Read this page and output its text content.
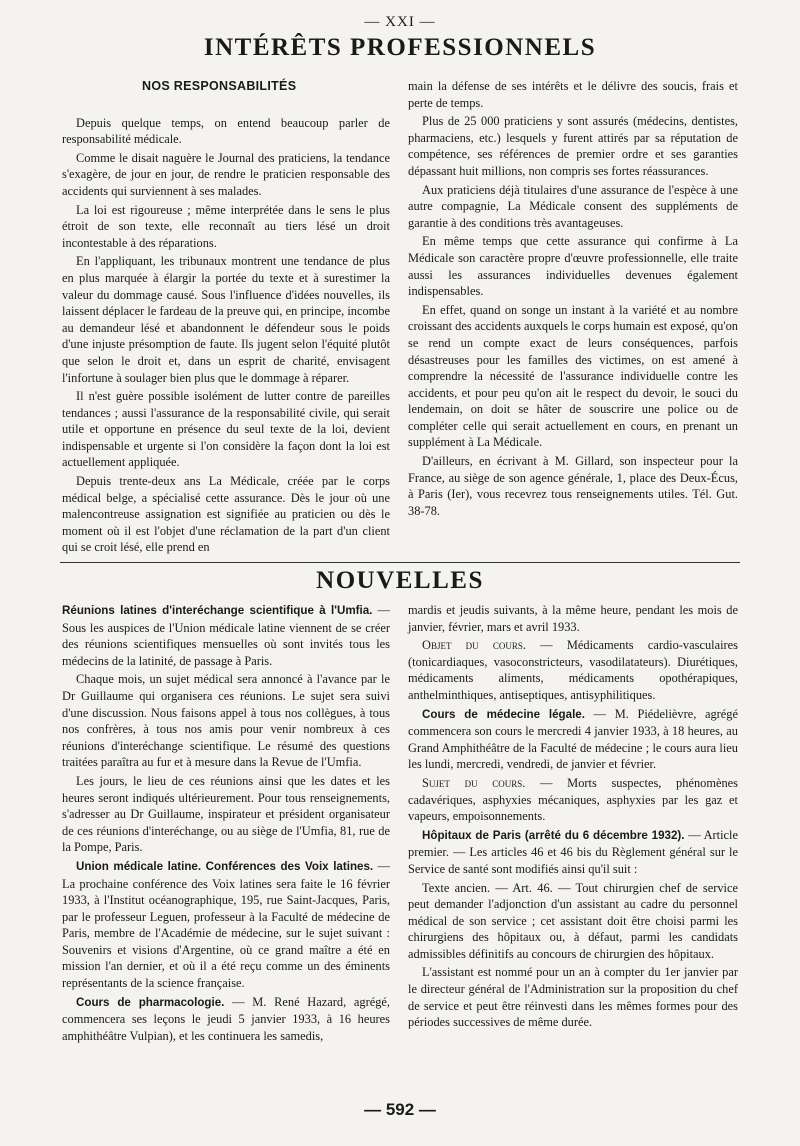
— XXI —
INTÉRÊTS PROFESSIONNELS
NOS RESPONSABILITÉS

Depuis quelque temps, on entend beaucoup parler de responsabilité médicale.

Comme le disait naguère le Journal des praticiens, la tendance s'exagère, de jour en jour, de rendre le praticien responsable des accidents qui surviennent à ses malades.

La loi est rigoureuse ; même interprétée dans le sens le plus étroit de son texte, elle reconnaît au tiers lésé un droit incontestable à des réparations.

En l'appliquant, les tribunaux montrent une tendance de plus en plus marquée à élargir la portée du texte et à surestimer la valeur du dommage causé. Sous l'influence d'idées nouvelles, ils laissent déplacer le fardeau de la preuve qui, en principe, incombe au demandeur lésé et abandonnent le défendeur sous le poids d'une injuste présomption de faute. Ils jugent selon l'équité plutôt que selon le droit et, dans un esprit de charité, envisagent l'infortune à soulager bien plus que le dommage à réparer.

Il n'est guère possible isolément de lutter contre de pareilles tendances ; aussi l'assurance de la responsabilité civile, qui serait utile et opportune en présence du seul texte de la loi, devient indispensable et urgente si l'on considère la façon dont la loi est actuellement appliquée.

Depuis trente-deux ans La Médicale, créée par le corps médical belge, a spécialisé cette assurance. Dès le jour où une malencontreuse assignation est signifiée au praticien ou dès le moment où il est l'objet d'une réclamation de la part d'un client qui se croit lésé, elle prend en

main la défense de ses intérêts et le délivre des soucis, frais et perte de temps.

Plus de 25 000 praticiens y sont assurés (médecins, dentistes, pharmaciens, etc.) lesquels y furent attirés par sa réputation de compétence, ses références de premier ordre et ses garanties dépassant huit millions, non compris ses fortes réassurances.

Aux praticiens déjà titulaires d'une assurance de l'espèce à une autre compagnie, La Médicale consent des suppléments de garantie à des conditions très avantageuses.

En même temps que cette assurance qui confirme à La Médicale son caractère propre d'œuvre professionnelle, elle traite aussi les assurances individuelles devenues également indispensables.

En effet, quand on songe un instant à la variété et au nombre croissant des accidents auxquels le corps humain est exposé, qu'on se rend un compte exact de leurs conséquences, parfois désastreuses pour les familles des victimes, on est amené à comprendre la nécessité de l'assurance individuelle contre les accidents, et pour peu qu'on ait le respect du devoir, le souci du lendemain, on doit se hâter de souscrire une police ou de compléter celle qui serait actuellement en cours, en prenant un supplément à La Médicale.

D'ailleurs, en écrivant à M. Gillard, son inspecteur pour la France, au siège de son agence générale, 1, place des Deux-Écus, à Paris (Ier), vous recevrez tous renseignements utiles. Tél. Gut. 38-78.

NOUVELLES

Réunions latines d'interéchange scientifique à l'Umfia. — Sous les auspices de l'Union médicale latine viennent de se créer des réunions scientifiques mensuelles où sont invités tous les médecins de la latinité, de passage à Paris.

Chaque mois, un sujet médical sera annoncé à l'avance par le Dr Guillaume qui organisera ces réunions. Le sujet sera suivi d'une discussion. Nous faisons appel à tous nos collègues, à tous nos confrères, à tous nos amis pour venir nombreux à ces réunions d'interéchange scientifique. Le résumé des questions traitées paraîtra au fur et à mesure dans la Revue de l'Umfia.

Les jours, le lieu de ces réunions ainsi que les dates et les heures seront indiqués ultérieurement. Pour tous renseignements, s'adresser au Dr Guillaume, inspirateur et président organisateur de ces réunions d'interéchange, ou au siège de l'Umfia, 81, rue de la Pompe, Paris.

Union médicale latine. Conférences des Voix latines. — La prochaine conférence des Voix latines sera faite le 16 février 1933, à l'Institut océanographique, 195, rue Saint-Jacques, Paris, par le professeur Leguen, professeur à la Faculté de médecine de Paris, membre de l'Académie de médecine, sur le sujet suivant : Souvenirs et visions d'Argentine, où ce grand maître a été en mission l'an dernier, et où il a été reçu comme un des éminents représentants de la science française.

Cours de pharmacologie. — M. René Hazard, agrégé, commencera ses leçons le jeudi 5 janvier 1933, à 16 heures amphithéâtre Vulpian), et les continuera les samedis,

mardis et jeudis suivants, à la même heure, pendant les mois de janvier, février, mars et avril 1933.

Objet du cours. — Médicaments cardio-vasculaires (tonicardiaques, vasoconstricteurs, vasodilatateurs). Diurétiques, médicaments aliments, médicaments opothérapiques, anthelminthiques, antiseptiques, antisyphilitiques.

Cours de médecine légale. — M. Piédelièvre, agrégé commencera son cours le mercredi 4 janvier 1933, à 18 heures, au Grand Amphithéâtre de la Faculté de médecine ; le cours aura lieu les lundi, mercredi, vendredi, de janvier et février.

Sujet du cours. — Morts suspectes, phénomènes cadavériques, asphyxies mécaniques, asphyxies par les gaz et vapeurs, empoisonnements.

Hôpitaux de Paris (arrêté du 6 décembre 1932). — Article premier. — Les articles 46 et 46 bis du Règlement général sur le Service de santé sont modifiés ainsi qu'il suit :

Texte ancien. — Art. 46. — Tout chirurgien chef de service peut demander l'adjonction d'un assistant au cadre du personnel médical de son service ; cet assistant doit être choisi parmi les chirurgiens des hôpitaux ou, à défaut, parmi les candidats admissibles définitifs au concours de chirurgien des hôpitaux.

L'assistant est nommé pour un an à compter du 1er janvier par le directeur général de l'Administration sur la proposition du chef de service et peut être réinvesti dans les mêmes formes pour des périodes successives de même durée.

— 592 —
